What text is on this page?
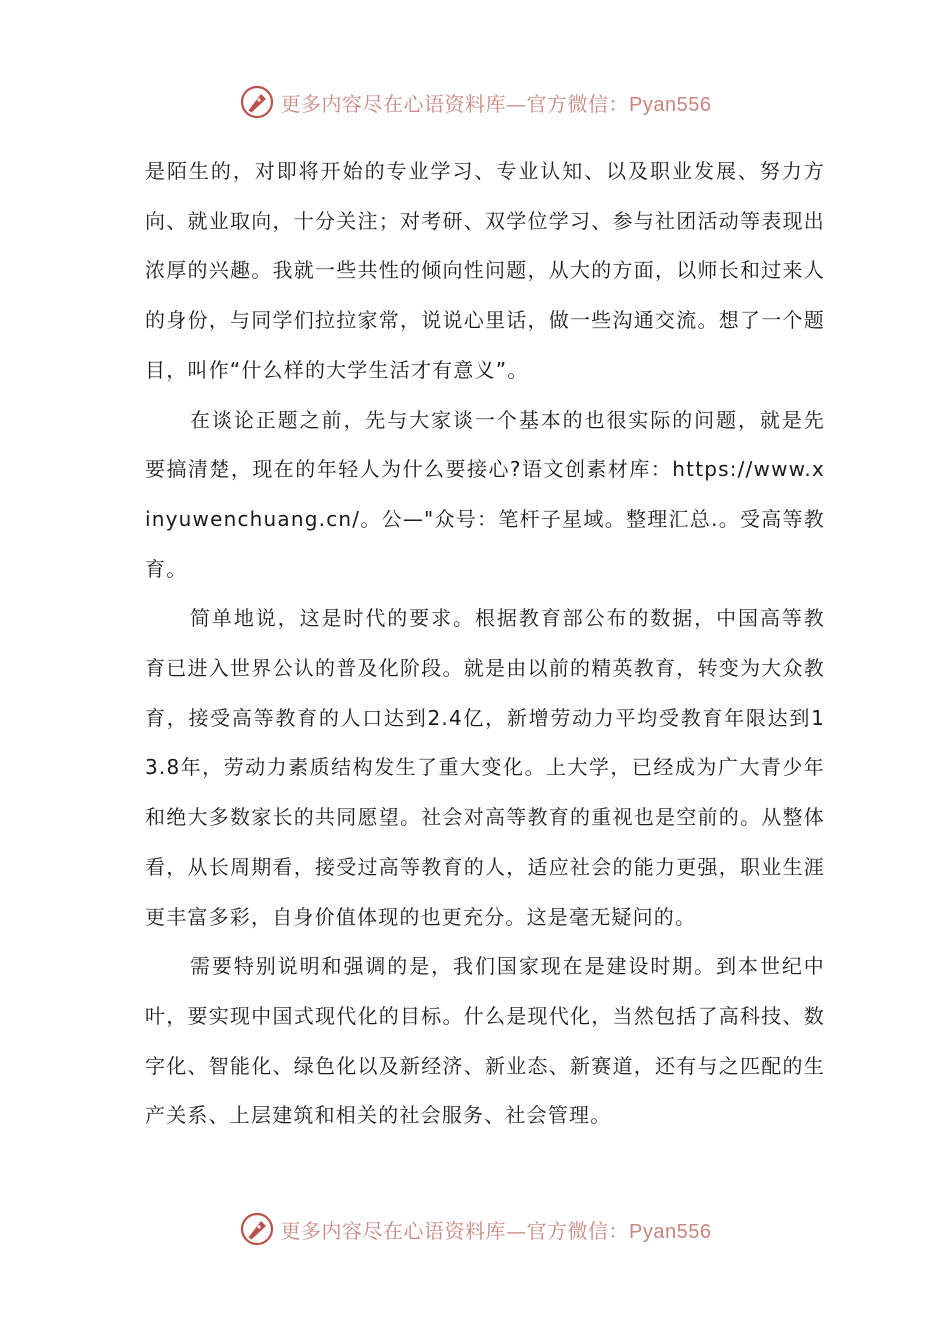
更多内容尽在心语资料库—官方微信：Pyan556

是陌生的，对即将开始的专业学习、专业认知、以及职业发展、努力方向、就业取向，十分关注；对考研、双学位学习、参与社团活动等表现出浓厚的兴趣。我就一些共性的倾向性问题，从大的方面，以师长和过来人的身份，与同学们拉拉家常，说说心里话，做一些沟通交流。想了一个题目，叫作“什么样的大学生活才有意义”。

在谈论正题之前，先与大家谈一个基本的也很实际的问题，就是先要搞清楚，现在的年轻人为什么要接心?语文创素材库：https://www.xinyuwenchuang.cn/。公—"众号：笔杆子星域。整理汇总.。受高等教育。

简单地说，这是时代的要求。根据教育部公布的数据，中国高等教育已进入世界公认的普及化阶段。就是由以前的精英教育，转变为大众教育，接受高等教育的人口达到2.4亿，新增劳动力平均受教育年限达到13.8年，劳动力素质结构发生了重大变化。上大学，已经成为广大青少年和绝大多数家长的共同愿望。社会对高等教育的重视也是空前的。从整体看，从长周期看，接受过高等教育的人，适应社会的能力更强，职业生涯更丰富多彩，自身价值体现的也更充分。这是毫无疑问的。

需要特别说明和强调的是，我们国家现在是建设时期。到本世纪中叶，要实现中国式现代化的目标。什么是现代化，当然包括了高科技、数字化、智能化、绿色化以及新经济、新业态、新赛道，还有与之匹配的生产关系、上层建筑和相关的社会服务、社会管理。

更多内容尽在心语资料库—官方微信：Pyan556
